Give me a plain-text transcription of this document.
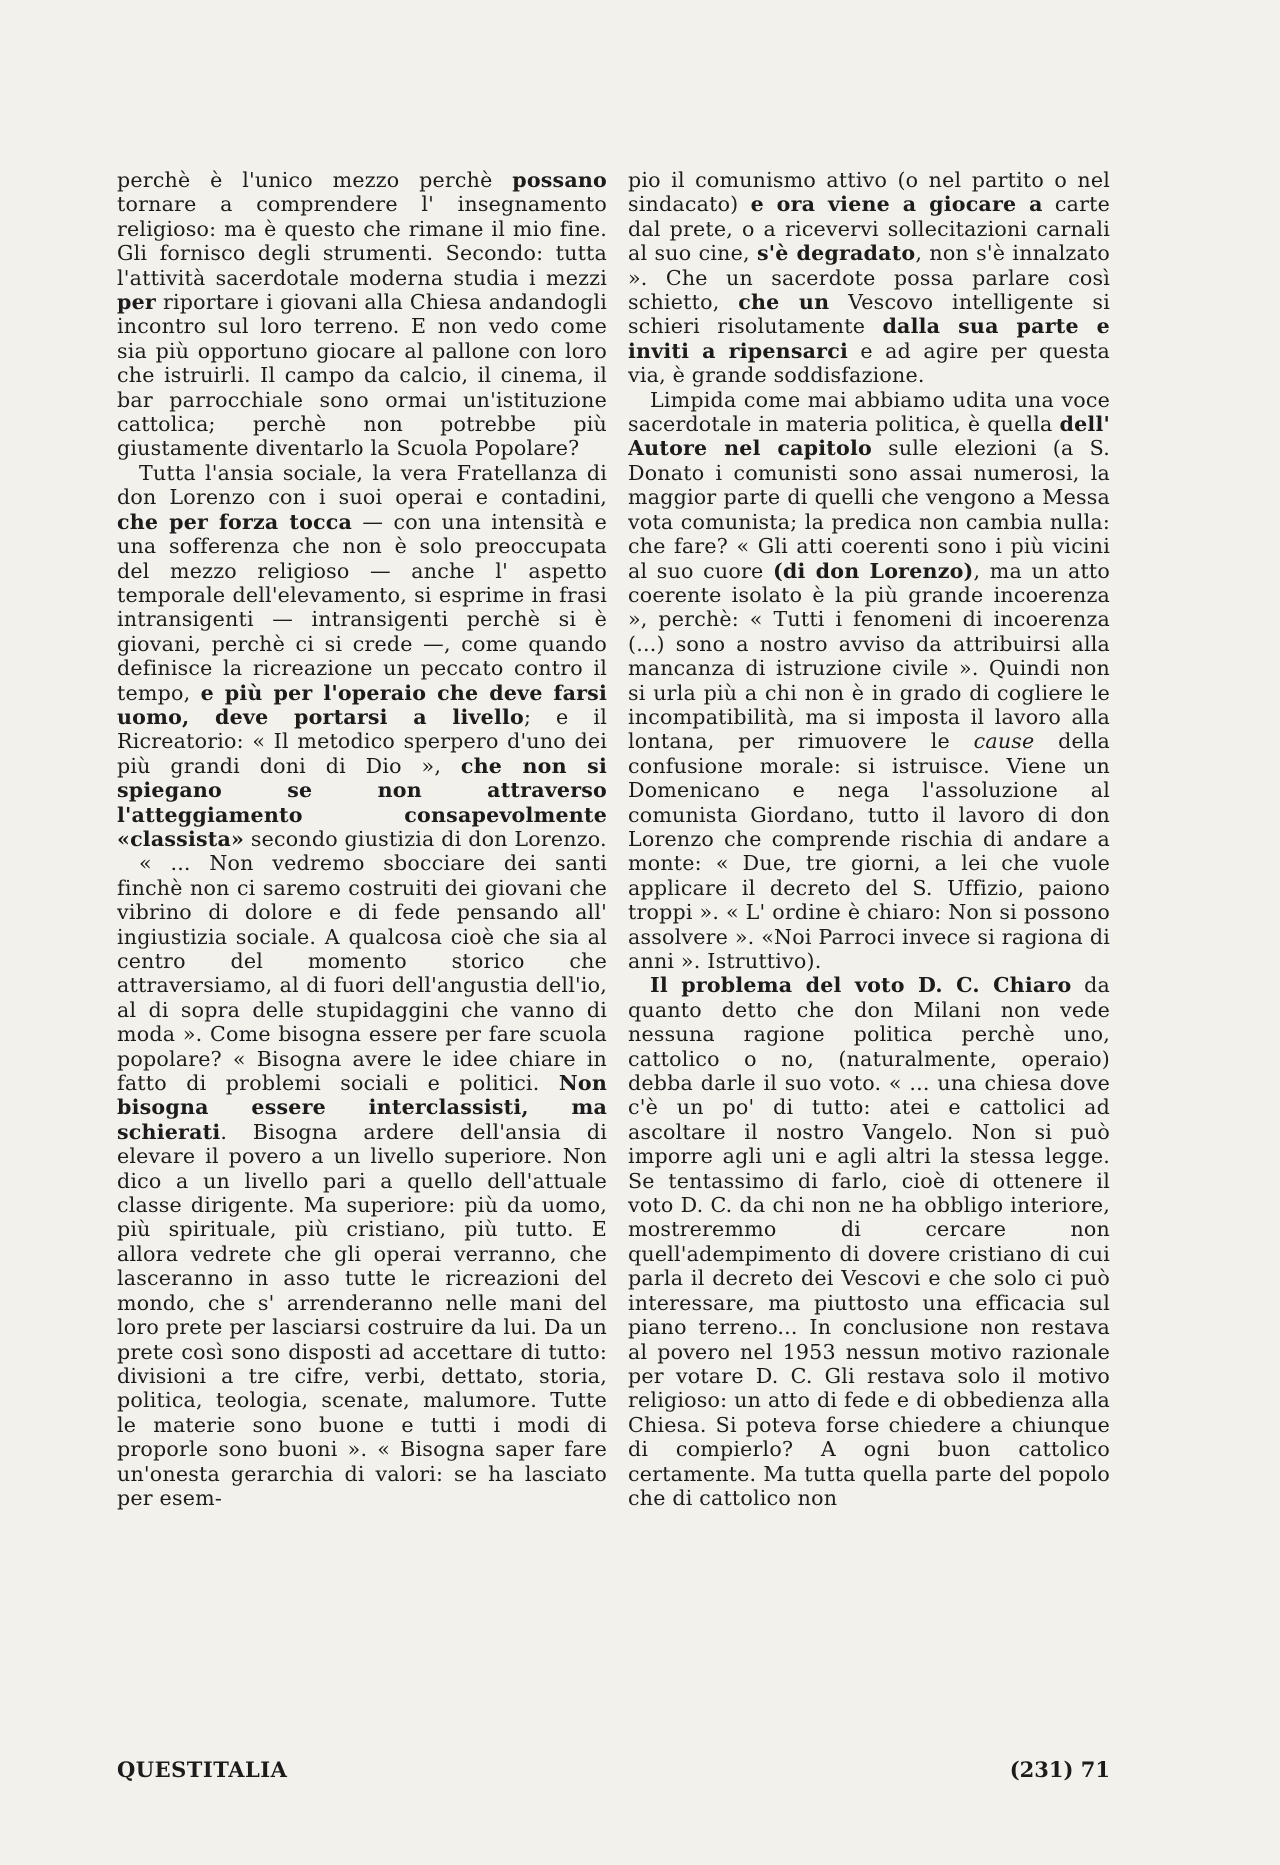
perchè è l'unico mezzo perchè possano tornare a comprendere l' insegnamento religioso: ma è questo che rimane il mio fine. Gli fornisco degli strumenti. Secondo: tutta l'attività sacerdotale moderna studia i mezzi per riportare i giovani alla Chiesa andandogli incontro sul loro terreno. E non vedo come sia più opportuno giocare al pallone con loro che istruirli. Il campo da calcio, il cinema, il bar parrocchiale sono ormai un'istituzione cattolica; perchè non potrebbe più giustamente diventarlo la Scuola Popolare?

Tutta l'ansia sociale, la vera Fratellanza di don Lorenzo con i suoi operai e contadini, che per forza tocca — con una intensità e una sofferenza che non è solo preoccupata del mezzo religioso — anche l' aspetto temporale dell'elevamento, si esprime in frasi intransigenti — intransigenti perchè si è giovani, perchè ci si crede —, come quando definisce la ricreazione un peccato contro il tempo, e più per l'operaio che deve farsi uomo, deve portarsi a livello; e il Ricreatorio: « Il metodico sperpero d'uno dei più grandi doni di Dio », che non si spiegano se non attraverso l'atteggiamento consapevolmente «classista» secondo giustizia di don Lorenzo.

« ... Non vedremo sbocciare dei santi finchè non ci saremo costruiti dei giovani che vibrino di dolore e di fede pensando all' ingiustizia sociale. A qualcosa cioè che sia al centro del momento storico che attraversiamo, al di fuori dell'angustia dell'io, al di sopra delle stupidaggini che vanno di moda ». Come bisogna essere per fare scuola popolare? « Bisogna avere le idee chiare in fatto di problemi sociali e politici. Non bisogna essere interclassisti, ma schierati. Bisogna ardere dell'ansia di elevare il povero a un livello superiore. Non dico a un livello pari a quello dell'attuale classe dirigente. Ma superiore: più da uomo, più spirituale, più cristiano, più tutto. E allora vedrete che gli operai verranno, che lasceranno in asso tutte le ricreazioni del mondo, che s' arrenderanno nelle mani del loro prete per lasciarsi costruire da lui. Da un prete così sono disposti ad accettare di tutto: divisioni a tre cifre, verbi, dettato, storia, politica, teologia, scenate, malumore. Tutte le materie sono buone e tutti i modi di proporle sono buoni ». « Bisogna saper fare un'onesta gerarchia di valori: se ha lasciato per esem-

pio il comunismo attivo (o nel partito o nel sindacato) e ora viene a giocare a carte dal prete, o a ricevervi sollecitazioni carnali al suo cine, s'è degradato, non s'è innalzato ». Che un sacerdote possa parlare così schietto, che un Vescovo intelligente si schieri risolutamente dalla sua parte e inviti a ripensarci e ad agire per questa via, è grande soddisfazione.

Limpida come mai abbiamo udita una voce sacerdotale in materia politica, è quella dell' Autore nel capitolo sulle elezioni (a S. Donato i comunisti sono assai numerosi, la maggior parte di quelli che vengono a Messa vota comunista; la predica non cambia nulla: che fare? « Gli atti coerenti sono i più vicini al suo cuore (di don Lorenzo), ma un atto coerente isolato è la più grande incoerenza », perchè: « Tutti i fenomeni di incoerenza (...) sono a nostro avviso da attribuirsi alla mancanza di istruzione civile ». Quindi non si urla più a chi non è in grado di cogliere le incompatibilità, ma si imposta il lavoro alla lontana, per rimuovere le cause della confusione morale: si istruisce. Viene un Domenicano e nega l'assoluzione al comunista Giordano, tutto il lavoro di don Lorenzo che comprende rischia di andare a monte: « Due, tre giorni, a lei che vuole applicare il decreto del S. Uffizio, paiono troppi ». « L' ordine è chiaro: Non si possono assolvere ». «Noi Parroci invece si ragiona di anni ». Istruttivo).

Il problema del voto D. C. Chiaro da quanto detto che don Milani non vede nessuna ragione politica perchè uno, cattolico o no, (naturalmente, operaio) debba darle il suo voto. « ... una chiesa dove c'è un po' di tutto: atei e cattolici ad ascoltare il nostro Vangelo. Non si può imporre agli uni e agli altri la stessa legge. Se tentassimo di farlo, cioè di ottenere il voto D. C. da chi non ne ha obbligo interiore, mostreremmo di cercare non quell'adempimento di dovere cristiano di cui parla il decreto dei Vescovi e che solo ci può interessare, ma piuttosto una efficacia sul piano terreno... In conclusione non restava al povero nel 1953 nessun motivo razionale per votare D. C. Gli restava solo il motivo religioso: un atto di fede e di obbedienza alla Chiesa. Si poteva forse chiedere a chiunque di compierlo? A ogni buon cattolico certamente. Ma tutta quella parte del popolo che di cattolico non

QUESTITALIA	(231) 71
